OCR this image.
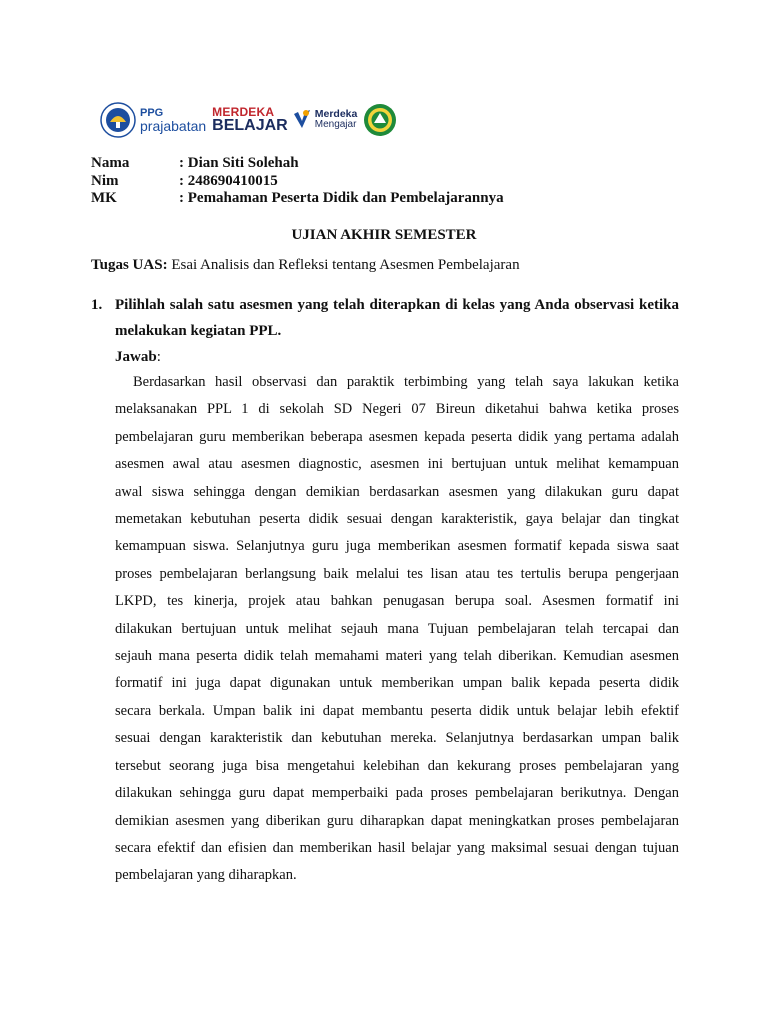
PPG
prajabatan
MERDEKA
BELAJAR
Merdeka
Mengajar
Nama	: Dian Siti Solehah
Nim	: 248690410015
MK	: Pemahaman Peserta Didik dan Pembelajarannya
UJIAN AKHIR SEMESTER
Tugas UAS: Esai Analisis dan Refleksi tentang Asesmen Pembelajaran
1. Pilihlah salah satu asesmen yang telah diterapkan di kelas yang Anda observasi ketika melakukan kegiatan PPL.
Jawab:
Berdasarkan hasil observasi dan paraktik terbimbing yang telah saya lakukan ketika
melaksanakan PPL 1 di sekolah SD Negeri 07 Bireun diketahui bahwa ketika proses
pembelajaran guru memberikan beberapa asesmen kepada peserta didik yang pertama adalah
asesmen awal atau asesmen diagnostic, asesmen ini bertujuan untuk melihat kemampuan
awal siswa sehingga dengan demikian berdasarkan asesmen yang dilakukan guru dapat
memetakan kebutuhan peserta didik sesuai dengan karakteristik, gaya belajar dan tingkat
kemampuan siswa. Selanjutnya guru juga memberikan asesmen formatif kepada siswa saat
proses pembelajaran berlangsung baik melalui tes lisan atau tes tertulis berupa pengerjaan
LKPD, tes kinerja, projek atau bahkan penugasan berupa soal. Asesmen formatif ini
dilakukan bertujuan untuk melihat sejauh mana Tujuan pembelajaran telah tercapai dan
sejauh mana peserta didik telah memahami materi yang telah diberikan. Kemudian asesmen
formatif ini juga dapat digunakan untuk memberikan umpan balik kepada peserta didik
secara berkala. Umpan balik ini dapat membantu peserta didik untuk belajar lebih efektif
sesuai dengan karakteristik dan kebutuhan mereka. Selanjutnya berdasarkan umpan balik
tersebut seorang juga bisa mengetahui kelebihan dan kekurang proses pembelajaran yang
dilakukan sehingga guru dapat memperbaiki pada proses pembelajaran berikutnya. Dengan
demikian asesmen yang diberikan guru diharapkan dapat meningkatkan proses pembelajaran
secara efektif dan efisien dan memberikan hasil belajar yang maksimal sesuai dengan tujuan
pembelajaran yang diharapkan.
